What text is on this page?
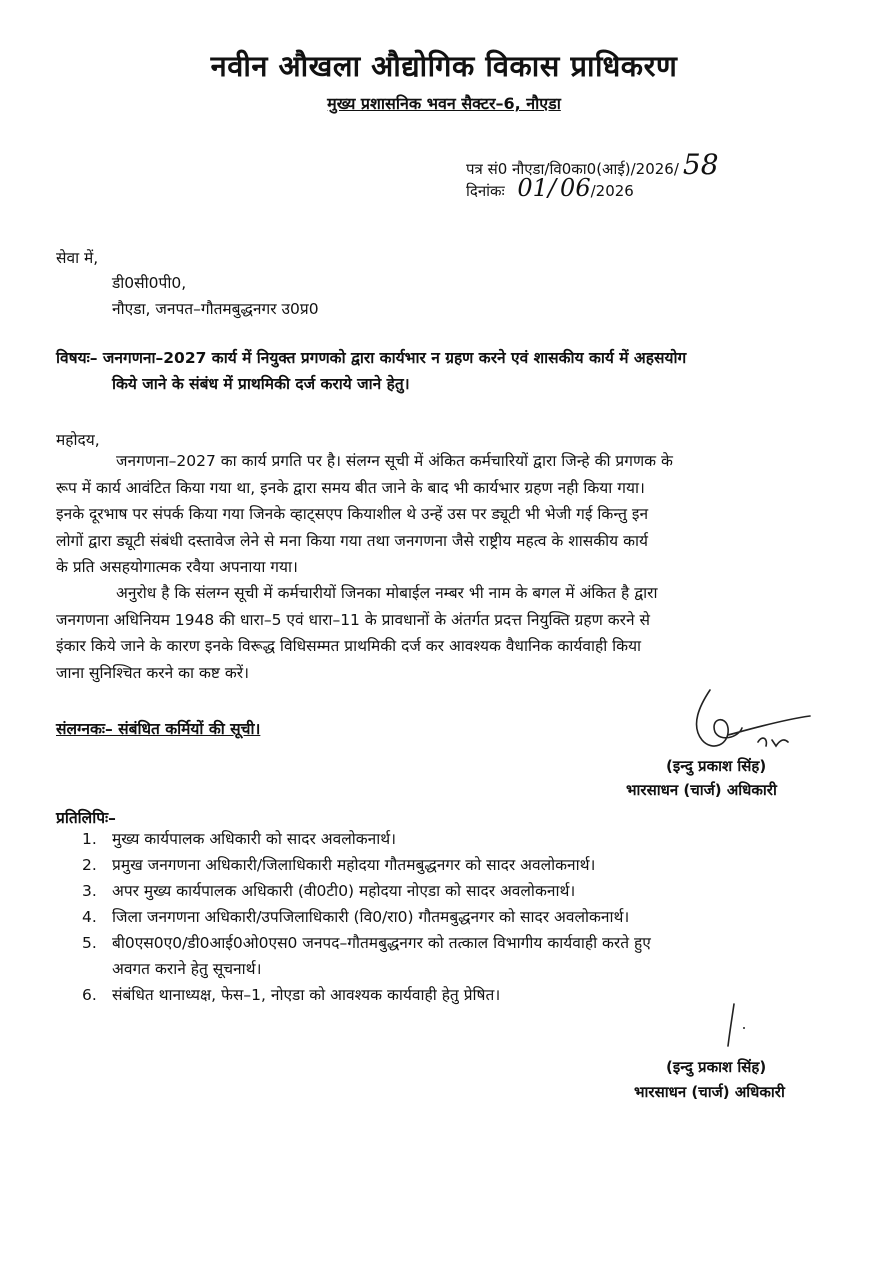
नवीन औखला औद्योगिक विकास प्राधिकरण
मुख्य प्रशासनिक भवन सैक्टर–6, नौएडा
पत्र सं0 नौएडा/वि0का0(आई)/2026/ 58
दिनांकः 01/ 06/2026
सेवा में,
डी0सी0पी0,
नौएडा, जनपत–गौतमबुद्धनगर उ0प्र0
विषयः– जनगणना–2027 कार्य में नियुक्त प्रगणको द्वारा कार्यभार न ग्रहण करने एवं शासकीय कार्य में अहसयोग
किये जाने के संबंध में प्राथमिकी दर्ज कराये जाने हेतु।
महोदय,
जनगणना–2027 का कार्य प्रगति पर है। संलग्न सूची में अंकित कर्मचारियों द्वारा जिन्हे की प्रगणक के
रूप में कार्य आवंटित किया गया था, इनके द्वारा समय बीत जाने के बाद भी कार्यभार ग्रहण नही किया गया।
इनके दूरभाष पर संपर्क किया गया जिनके व्हाट्सएप कियाशील थे उन्हें उस पर ड्यूटी भी भेजी गई किन्तु इन
लोगों द्वारा ड्यूटी संबंधी दस्तावेज लेने से मना किया गया तथा जनगणना जैसे राष्ट्रीय महत्व के शासकीय कार्य
के प्रति असहयोगात्मक रवैया अपनाया गया।
अनुरोध है कि संलग्न सूची में कर्मचारीयों जिनका मोबाईल नम्बर भी नाम के बगल में अंकित है द्वारा
जनगणना अधिनियम 1948 की धारा–5 एवं धारा–11 के प्रावधानों के अंतर्गत प्रदत्त नियुक्ति ग्रहण करने से
इंकार किये जाने के कारण इनके विरूद्ध विधिसम्मत प्राथमिकी दर्ज कर आवश्यक वैधानिक कार्यवाही किया
जाना सुनिश्चित करने का कष्ट करें।
संलग्नकः– संबंधित कर्मियों की सूची।
(इन्दु प्रकाश सिंह)
भारसाधन (चार्ज) अधिकारी
प्रतिलिपिः–
1. मुख्य कार्यपालक अधिकारी को सादर अवलोकनार्थ।
2. प्रमुख जनगणना अधिकारी/जिलाधिकारी महोदया गौतमबुद्धनगर को सादर अवलोकनार्थ।
3. अपर मुख्य कार्यपालक अधिकारी (वी0टी0) महोदया नोएडा को सादर अवलोकनार्थ।
4. जिला जनगणना अधिकारी/उपजिलाधिकारी (वि0/रा0) गौतमबुद्धनगर को सादर अवलोकनार्थ।
5. बी0एस0ए0/डी0आई0ओ0एस0 जनपद–गौतमबुद्धनगर को तत्काल विभागीय कार्यवाही करते हुए
अवगत कराने हेतु सूचनार्थ।
6. संबंधित थानाध्यक्ष, फेस–1, नोएडा को आवश्यक कार्यवाही हेतु प्रेषित।
(इन्दु प्रकाश सिंह)
भारसाधन (चार्ज) अधिकारी
